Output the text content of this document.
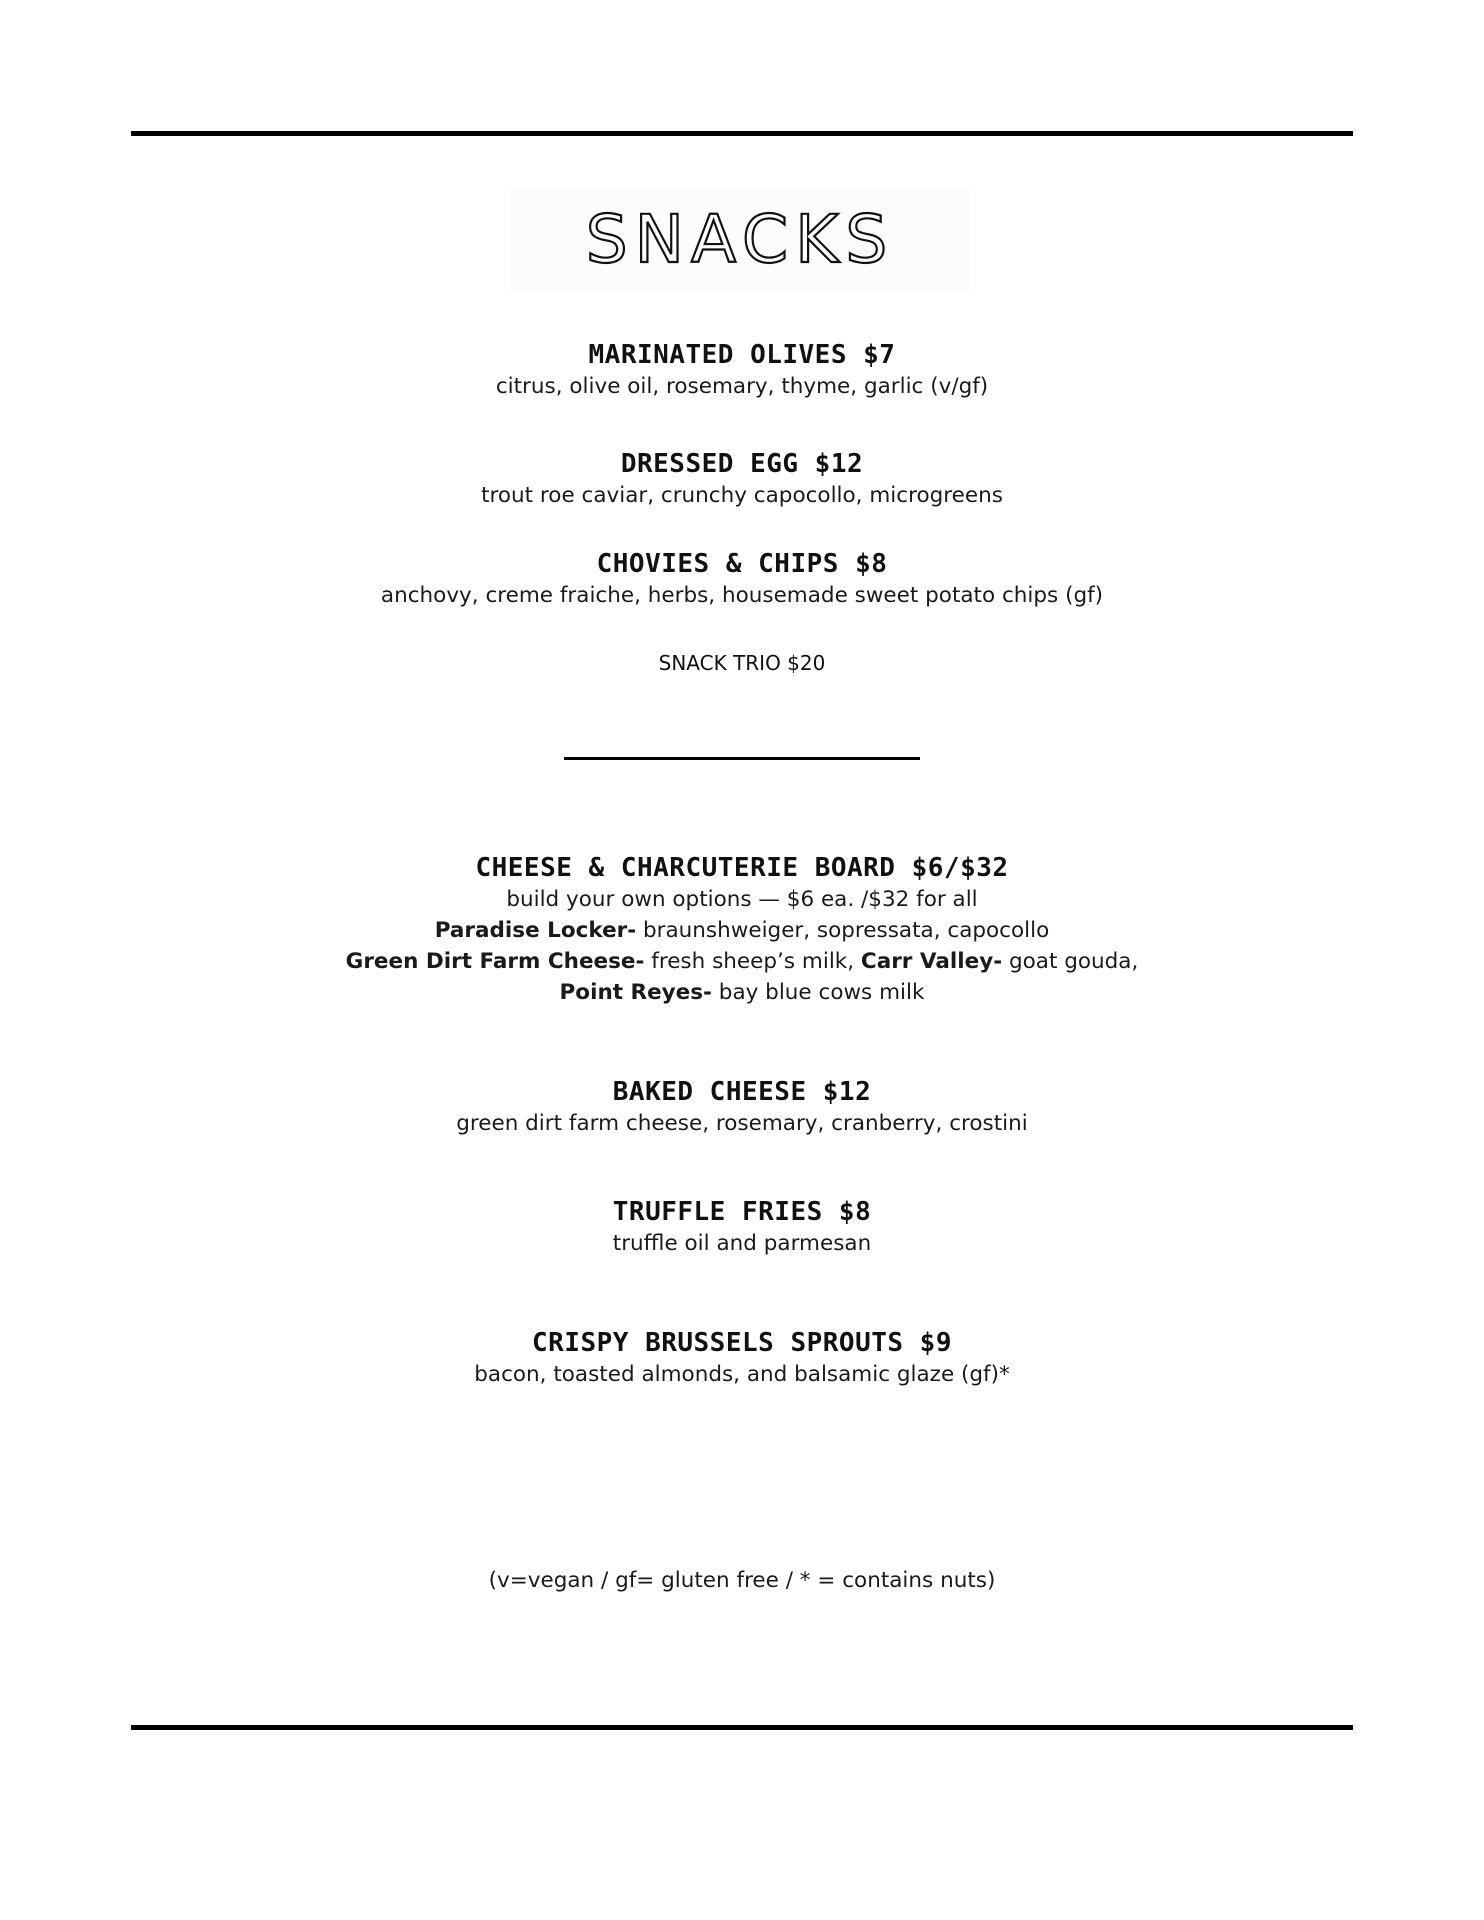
SNACKS
MARINATED OLIVES $7
citrus, olive oil, rosemary, thyme, garlic (v/gf)
DRESSED EGG $12
trout roe caviar, crunchy capocollo, microgreens
CHOVIES & CHIPS $8
anchovy, creme fraiche, herbs, housemade sweet potato chips (gf)
SNACK TRIO $20
CHEESE & CHARCUTERIE BOARD $6/$32
build your own options — $6 ea. /$32 for all
Paradise Locker- braunshweiger, sopressata, capocollo
Green Dirt Farm Cheese- fresh sheep’s milk, Carr Valley- goat gouda,
Point Reyes- bay blue cows milk
BAKED CHEESE $12
green dirt farm cheese, rosemary, cranberry, crostini
TRUFFLE FRIES $8
truffle oil and parmesan
CRISPY BRUSSELS SPROUTS $9
bacon, toasted almonds, and balsamic glaze (gf)*
(v=vegan / gf= gluten free / * = contains nuts)
